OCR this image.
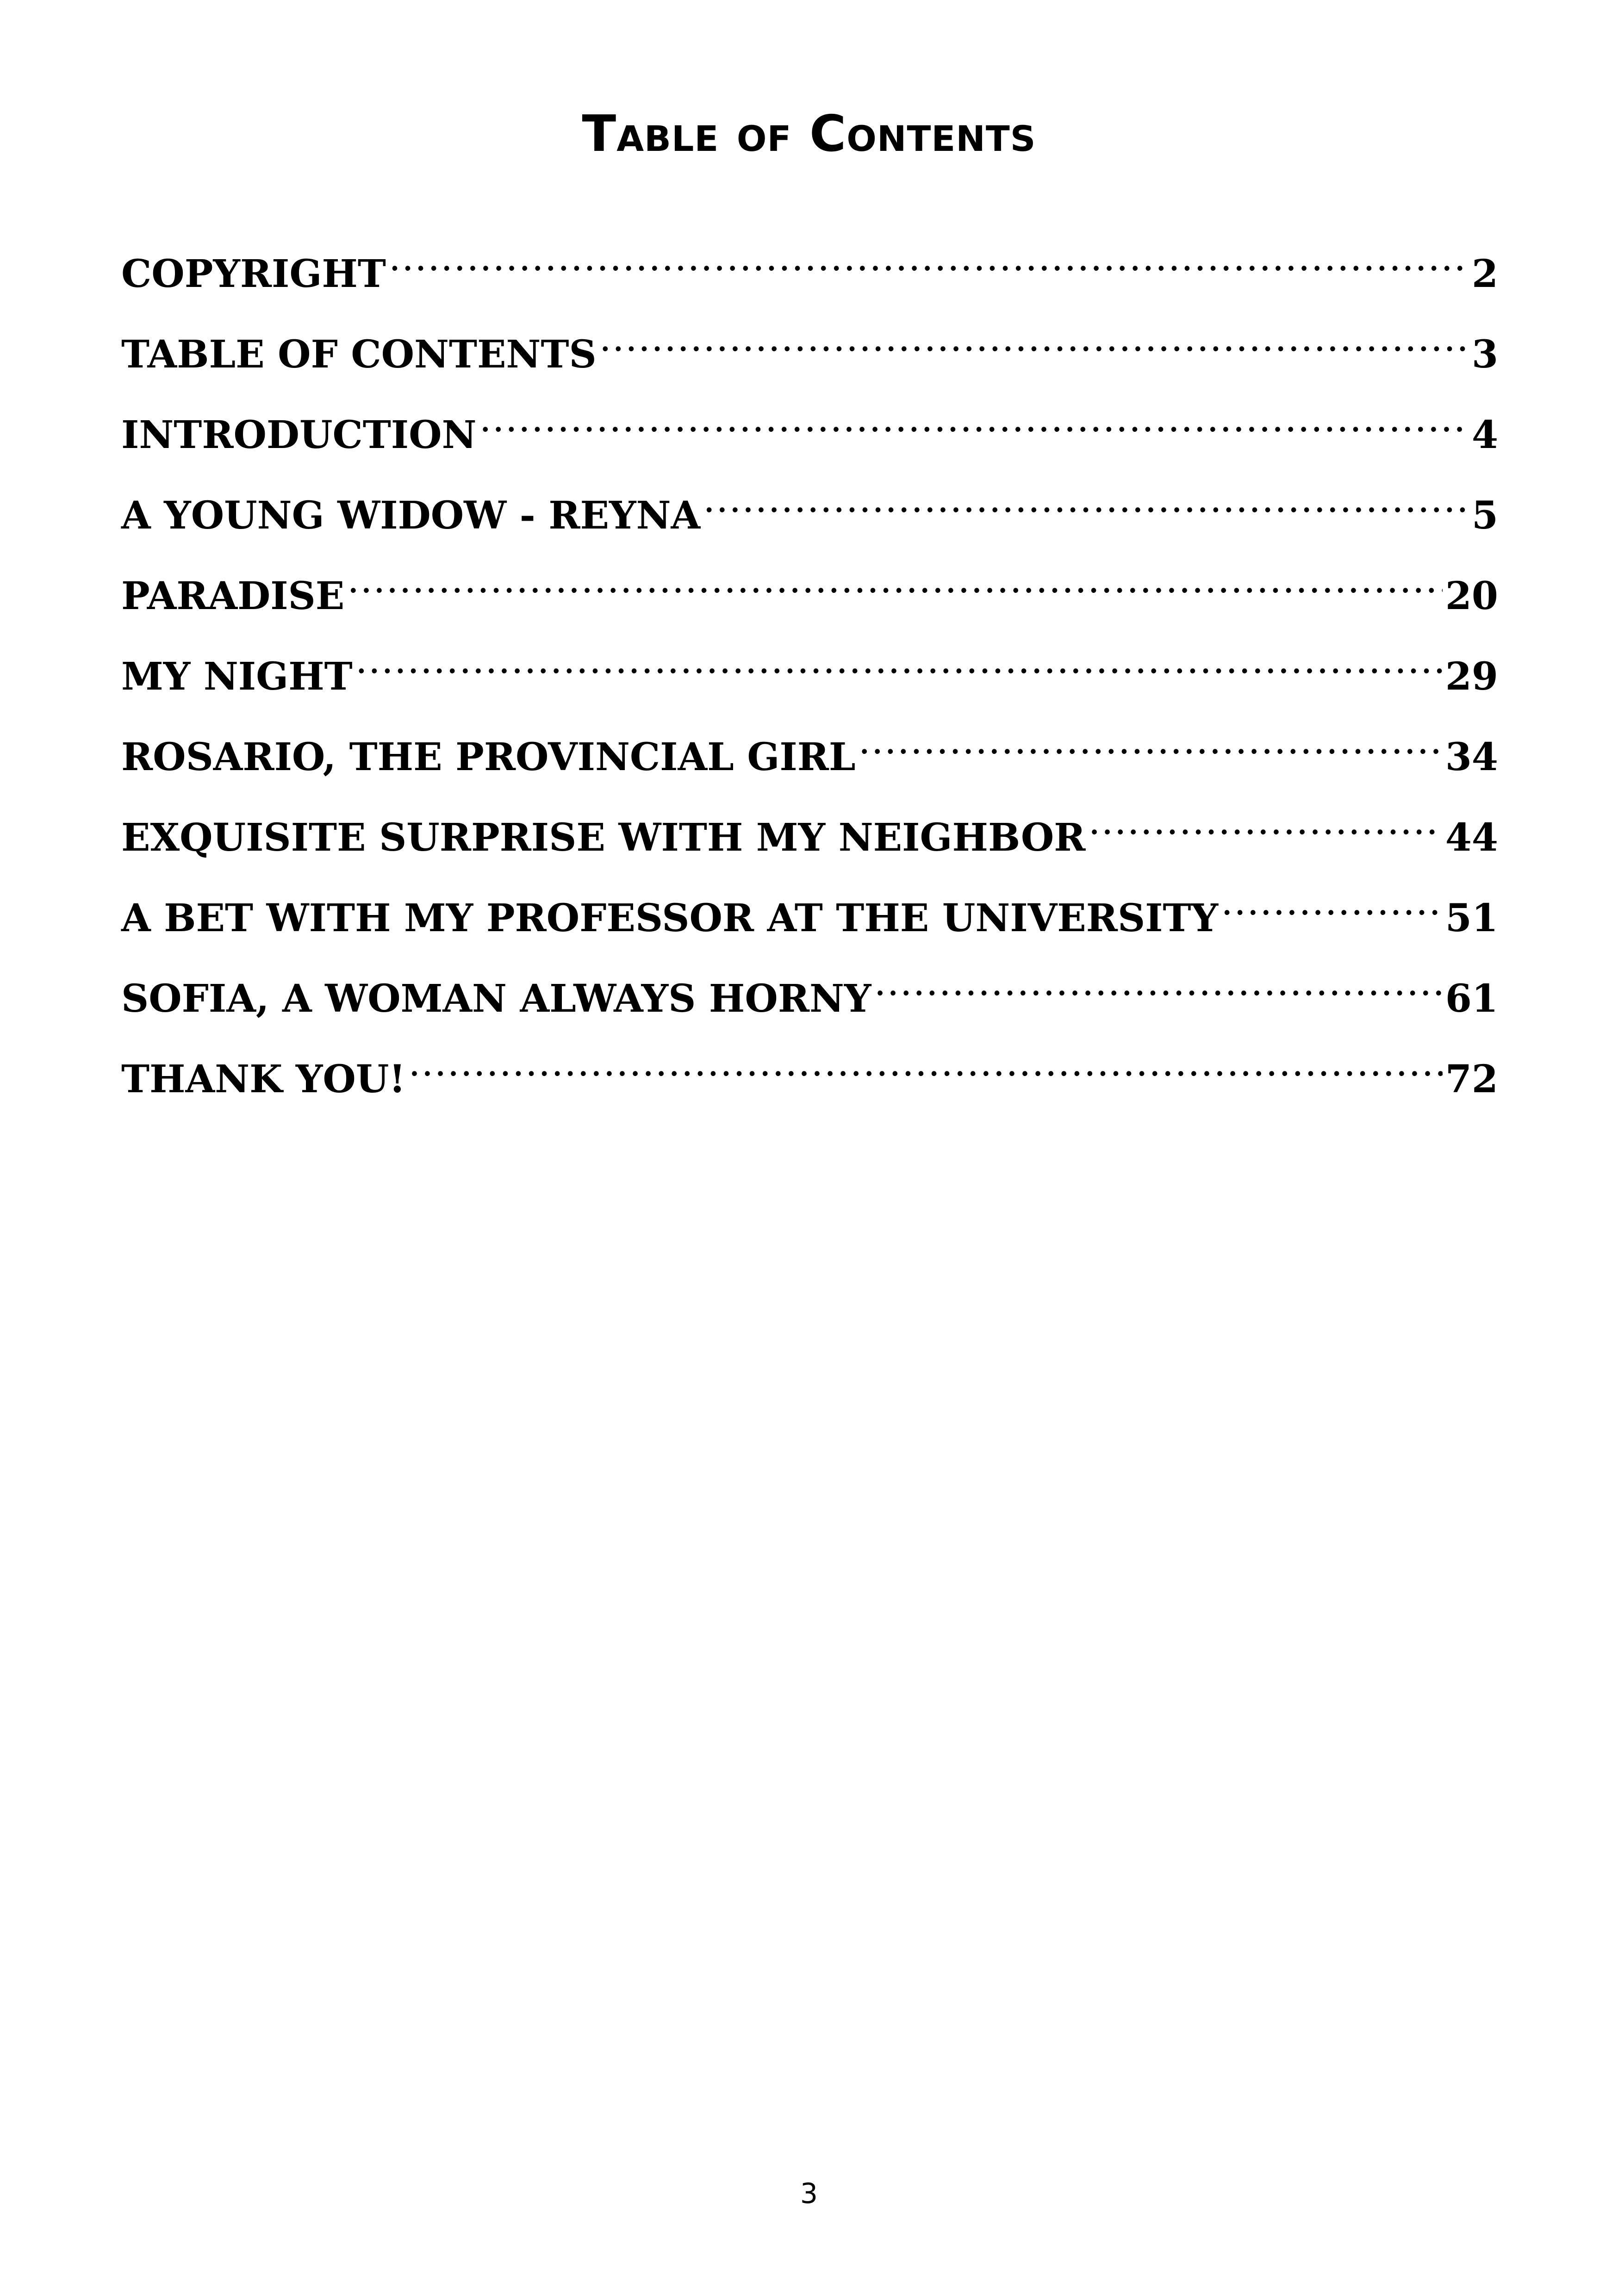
Table of Contents
COPYRIGHT .....	2
TABLE OF CONTENTS .....	3
INTRODUCTION .....	4
A YOUNG WIDOW - REYNA .....	5
PARADISE .....	20
MY NIGHT .....	29
ROSARIO, THE PROVINCIAL GIRL .....	34
EXQUISITE SURPRISE WITH MY NEIGHBOR .....	44
A BET WITH MY PROFESSOR AT THE UNIVERSITY .....	51
SOFIA, A WOMAN ALWAYS HORNY .....	61
THANK YOU! .....	72
3
